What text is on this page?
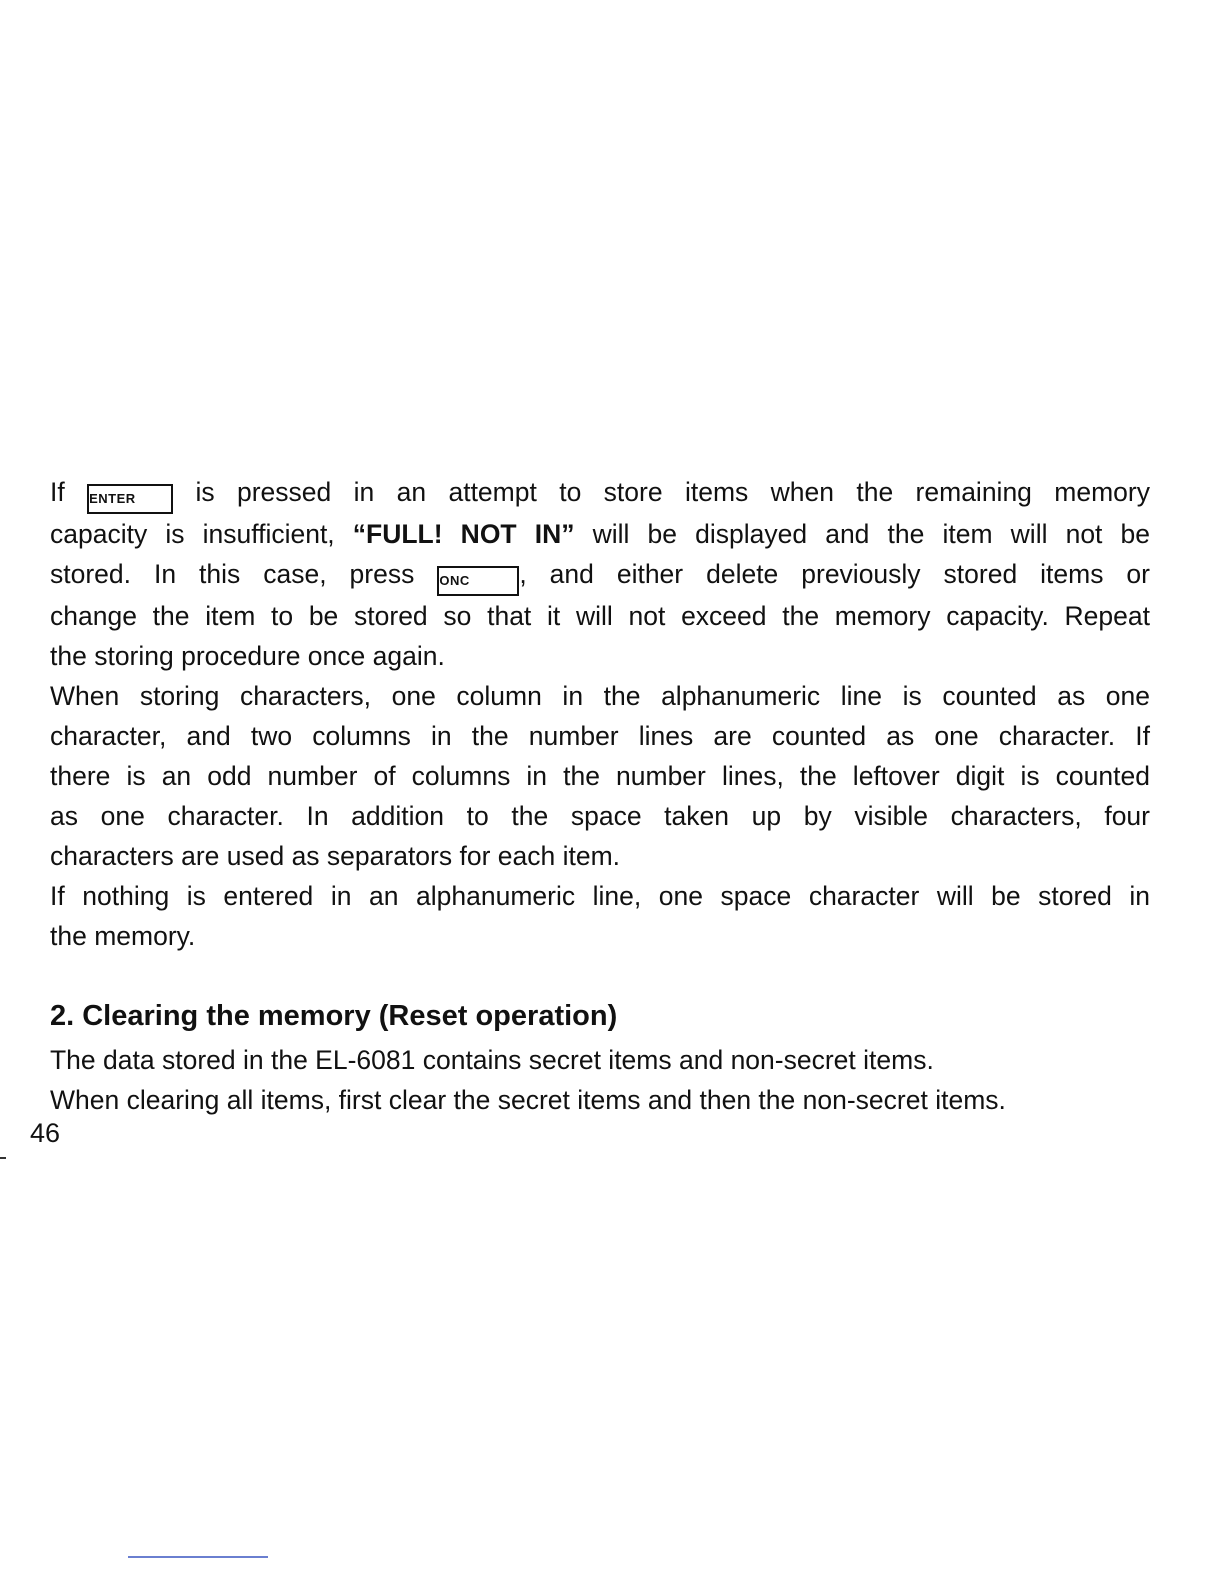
If ENTER is pressed in an attempt to store items when the remaining memory
capacity is insufficient, “FULL! NOT IN” will be displayed and the item will not be
stored. In this case, press ONC , and either delete previously stored items or
change the item to be stored so that it will not exceed the memory capacity. Repeat
the storing procedure once again.

When storing characters, one column in the alphanumeric line is counted as one
character, and two columns in the number lines are counted as one character. If
there is an odd number of columns in the number lines, the leftover digit is counted
as one character. In addition to the space taken up by visible characters, four
characters are used as separators for each item.

If nothing is entered in an alphanumeric line, one space character will be stored in
the memory.

2. Clearing the memory (Reset operation)

The data stored in the EL-6081 contains secret items and non-secret items.
When clearing all items, first clear the secret items and then the non-secret items.

46
